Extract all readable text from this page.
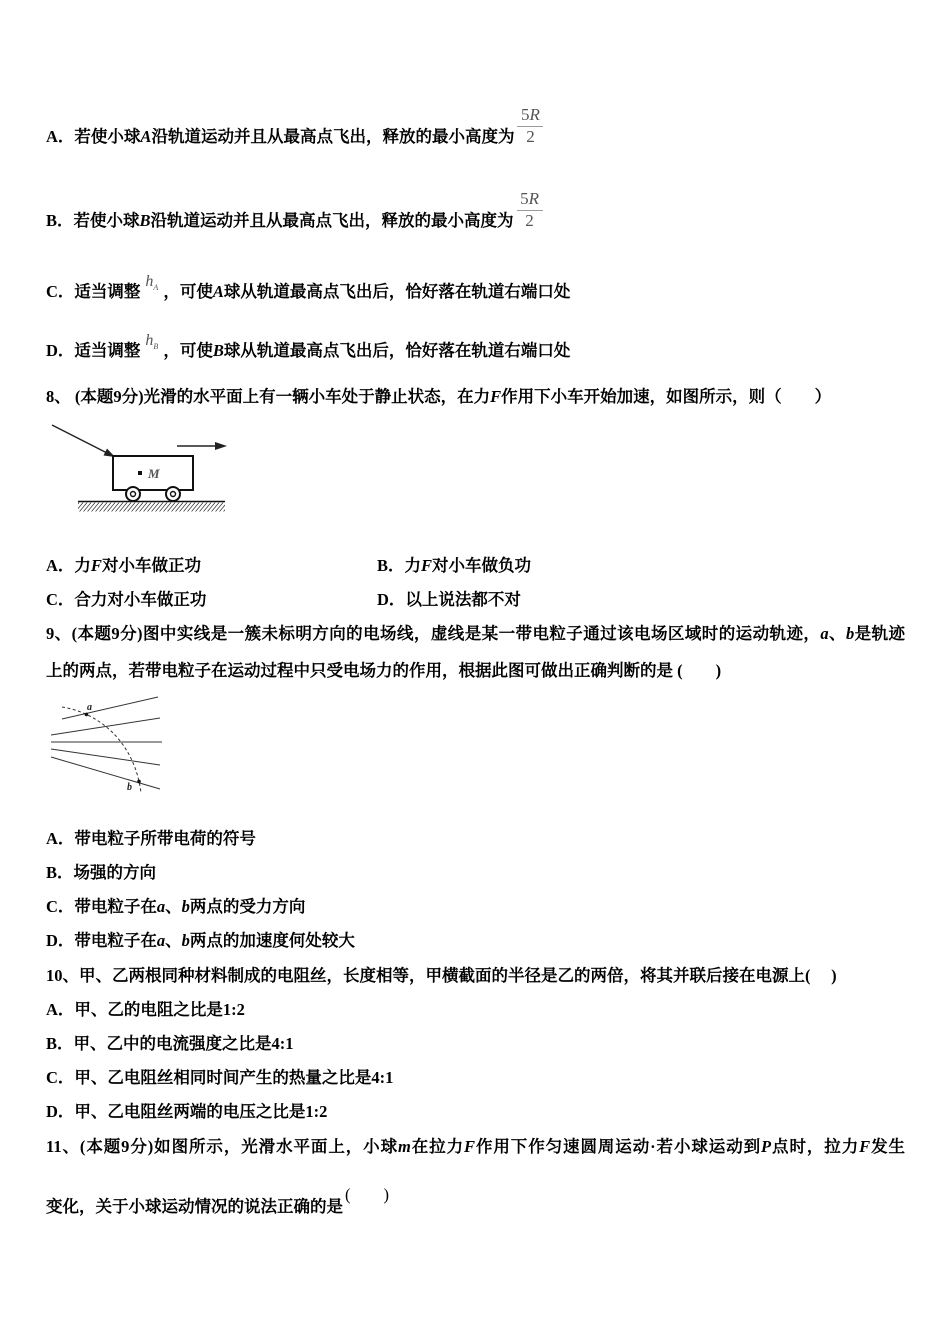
A．若使小球A沿轨道运动并且从最高点飞出，释放的最小高度为 $\frac{5R}{2}$
B．若使小球B沿轨道运动并且从最高点飞出，释放的最小高度为 $\frac{5R}{2}$
C．适当调整$h_A$ ，可使A球从轨道最高点飞出后，恰好落在轨道右端口处
D．适当调整$h_B$ ，可使B球从轨道最高点飞出后，恰好落在轨道右端口处
8、 (本题9分)光滑的水平面上有一辆小车处于静止状态，在力F作用下小车开始加速，如图所示，则（　　）
M
A．力F对小车做正功	B．力F对小车做负功
C．合力对小车做正功	D．以上说法都不对
9、(本题9分)图中实线是一簇未标明方向的电场线，虚线是某一带电粒子通过该电场区域时的运动轨迹，a、b是轨迹
上的两点，若带电粒子在运动过程中只受电场力的作用，根据此图可做出正确判断的是 (　　)
a
b
A．带电粒子所带电荷的符号
B．场强的方向
C．带电粒子在a、b两点的受力方向
D．带电粒子在a、b两点的加速度何处较大
10、甲、乙两根同种材料制成的电阻丝，长度相等，甲横截面的半径是乙的两倍，将其并联后接在电源上(　 )
A．甲、乙的电阻之比是1:2
B．甲、乙中的电流强度之比是4:1
C．甲、乙电阻丝相同时间产生的热量之比是4:1
D．甲、乙电阻丝两端的电压之比是1:2
11、(本题9分)如图所示，光滑水平面上，小球m在拉力F作用下作匀速圆周运动·若小球运动到P点时，拉力F发生
变化，关于小球运动情况的说法正确的是(　　)
